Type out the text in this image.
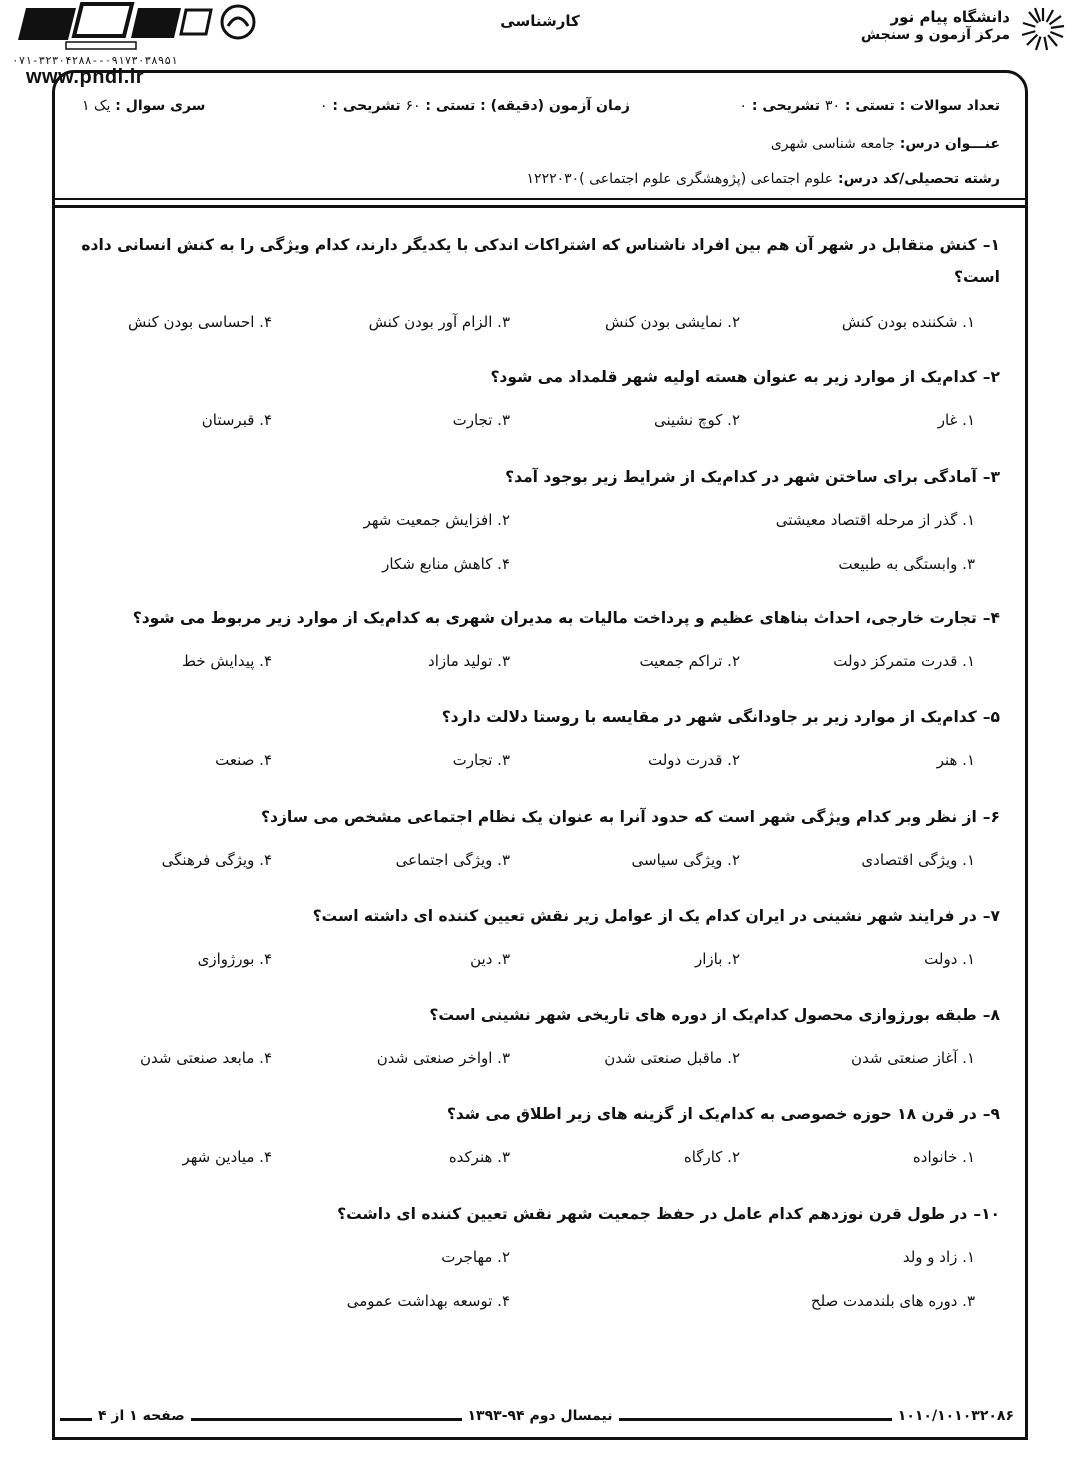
دانشگاه پیام نور
مرکز آزمون و سنجش
کارشناسی
۰۷۱-۳۲۳۰۴۲۸۸--۰۹۱۷۳۰۳۸۹۵۱
www.pndl.ir
تعداد سوالات : تستی : ۳۰ تشریحی : ۰
زمان آزمون (دقیقه) : تستی : ۶۰ تشریحی : ۰
سری سوال : یک ۱
عنـــوان درس: جامعه شناسی شهری
رشته تحصیلی/کد درس: علوم اجتماعی (پژوهشگری علوم اجتماعی )۱۲۲۲۰۳۰
۱–کنش متقابل در شهر آن هم بین افراد ناشناس که اشتراکات اندکی با یکدیگر دارند، کدام ویژگی را به کنش انسانی داده است؟
۱. شکننده بودن کنش
۲. نمایشی بودن کنش
۳. الزام آور بودن کنش
۴. احساسی بودن کنش
۲–کدام‌یک از موارد زیر به عنوان هسته اولیه شهر قلمداد می شود؟
۱. غار
۲. کوچ نشینی
۳. تجارت
۴. قبرستان
۳–آمادگی برای ساختن شهر در کدام‌یک از شرایط زیر بوجود آمد؟
۱. گذر از مرحله اقتصاد معیشتی
۲. افزایش جمعیت شهر
۳. وابستگی به طبیعت
۴. کاهش منابع شکار
۴–تجارت خارجی، احداث بناهای عظیم و پرداخت مالیات به مدیران شهری به کدام‌یک از موارد زیر مربوط می شود؟
۱. قدرت متمرکز دولت
۲. تراکم جمعیت
۳. تولید مازاد
۴. پیدایش خط
۵–کدام‌یک از موارد زیر بر جاودانگی شهر در مقایسه با روستا دلالت دارد؟
۱. هنر
۲. قدرت دولت
۳. تجارت
۴. صنعت
۶–از نظر وبر کدام ویژگی شهر است که حدود آنرا به عنوان یک نظام اجتماعی مشخص می سازد؟
۱. ویژگی اقتصادی
۲. ویژگی سیاسی
۳. ویژگی اجتماعی
۴. ویژگی فرهنگی
۷–در فرایند شهر نشینی در ایران کدام یک از عوامل زیر نقش تعیین کننده ای داشته است؟
۱. دولت
۲. بازار
۳. دین
۴. بورژوازی
۸–طبقه بورژوازی محصول کدام‌یک از دوره های تاریخی شهر نشینی است؟
۱. آغاز صنعتی شدن
۲. ماقبل صنعتی شدن
۳. اواخر صنعتی شدن
۴. مابعد صنعتی شدن
۹–در قرن ۱۸ حوزه خصوصی به کدام‌یک از گزینه های زیر اطلاق می شد؟
۱. خانواده
۲. کارگاه
۳. هنرکده
۴. میادین شهر
۱۰–در طول قرن نوزدهم کدام عامل در حفظ جمعیت شهر نقش تعیین کننده ای داشت؟
۱. زاد و ولد
۲. مهاجرت
۳. دوره های بلندمدت صلح
۴. توسعه بهداشت عمومی
۱۰۱۰/۱۰۱۰۳۲۰۸۶
نیمسال دوم ۹۴-۱۳۹۳
صفحه ۱ از ۴
